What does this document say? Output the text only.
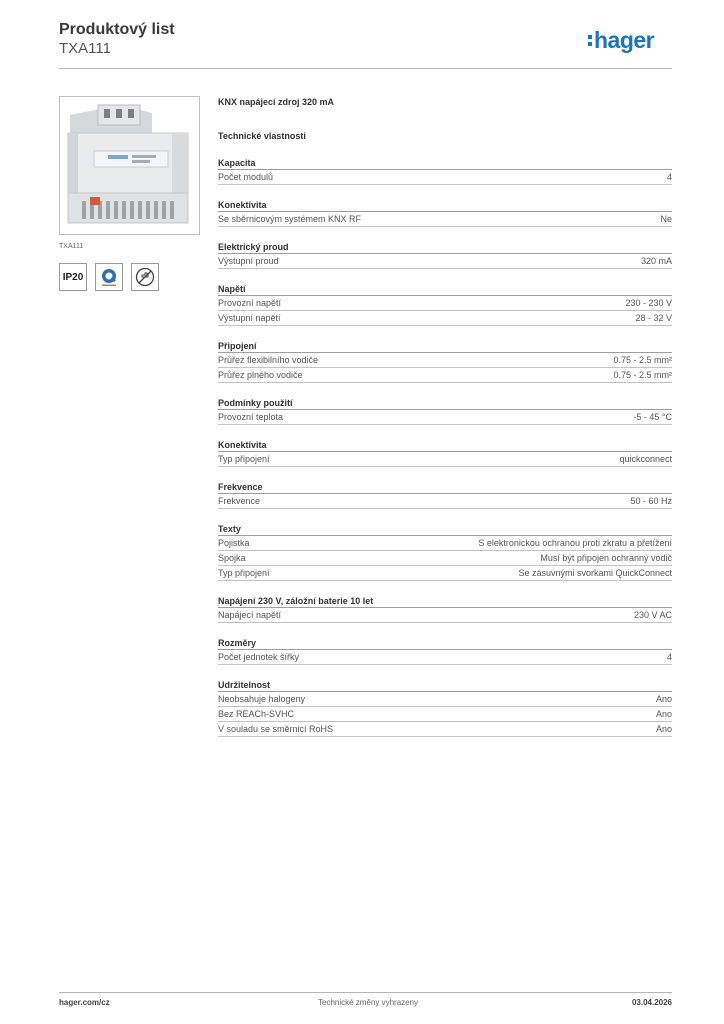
Produktový list
TXA111	hager
TXA111
IP20
KNX napájecí zdroj 320 mA
Technické vlastnosti
Kapacita
Počet modulů	4
Konektivita
Se sběrnicovým systémem KNX RF	Ne
Elektrický proud
Výstupní proud	320 mA
Napětí
Provozní napětí	230 - 230 V
Výstupní napětí	28 - 32 V
Připojení
Průřez flexibilního vodiče	0.75 - 2.5 mm²
Průřez plného vodiče	0.75 - 2.5 mm²
Podmínky použití
Provozní teplota	-5 - 45 °C
Konektivita
Typ připojení	quickconnect
Frekvence
Frekvence	50 - 60 Hz
Texty
Pojistka	S elektronickou ochranou proti zkratu a přetížení
Spojka	Musí být připojen ochranný vodič
Typ připojení	Se zásuvnými svorkami QuickConnect
Napájení 230 V, záložní baterie 10 let
Napájecí napětí	230 V AC
Rozměry
Počet jednotek šířky	4
Udržitelnost
Neobsahuje halogeny	Ano
Bez REACh-SVHC	Ano
V souladu se směrnicí RoHS	Ano
hager.com/cz	Technické změny vyhrazeny	03.04.2026
